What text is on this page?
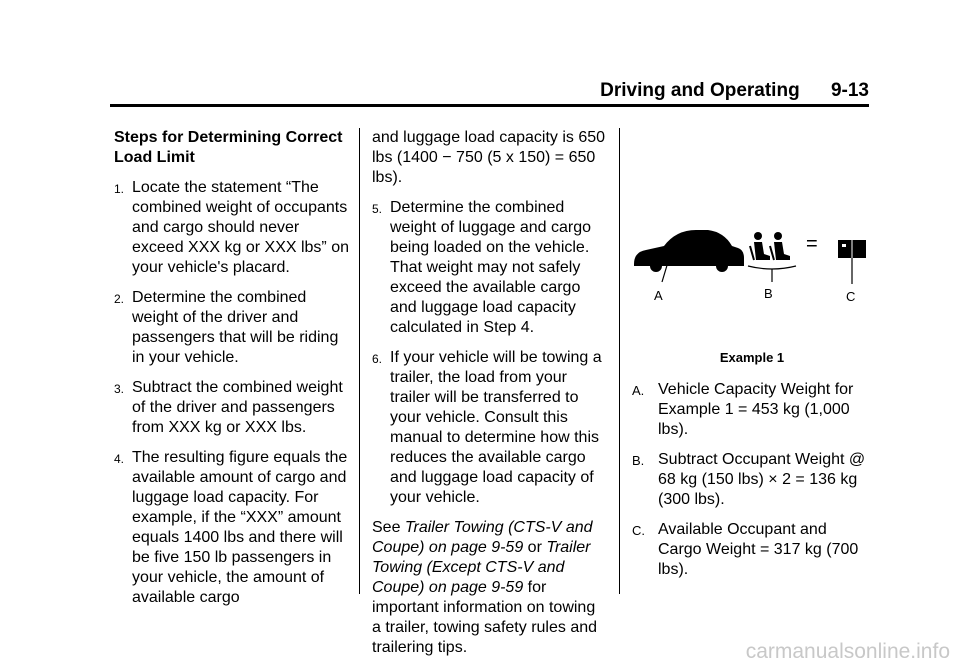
Driving and Operating 9-13
Steps for Determining Correct Load Limit
1. Locate the statement “The combined weight of occupants and cargo should never exceed XXX kg or XXX lbs” on your vehicle's placard.
2. Determine the combined weight of the driver and passengers that will be riding in your vehicle.
3. Subtract the combined weight of the driver and passengers from XXX kg or XXX lbs.
4. The resulting figure equals the available amount of cargo and luggage load capacity. For example, if the “XXX” amount equals 1400 lbs and there will be five 150 lb passengers in your vehicle, the amount of available cargo
and luggage load capacity is 650 lbs (1400 − 750 (5 x 150) = 650 lbs).
5. Determine the combined weight of luggage and cargo being loaded on the vehicle. That weight may not safely exceed the available cargo and luggage load capacity calculated in Step 4.
6. If your vehicle will be towing a trailer, the load from your trailer will be transferred to your vehicle. Consult this manual to determine how this reduces the available cargo and luggage load capacity of your vehicle.
See Trailer Towing (CTS-V and Coupe) on page 9-59 or Trailer Towing (Except CTS-V and Coupe) on page 9-59 for important information on towing a trailer, towing safety rules and trailering tips.
A
−
B
=
C
Example 1
A. Vehicle Capacity Weight for Example 1 = 453 kg (1,000 lbs).
B. Subtract Occupant Weight @ 68 kg (150 lbs) × 2 = 136 kg (300 lbs).
C. Available Occupant and Cargo Weight = 317 kg (700 lbs).
carmanualsonline.info
